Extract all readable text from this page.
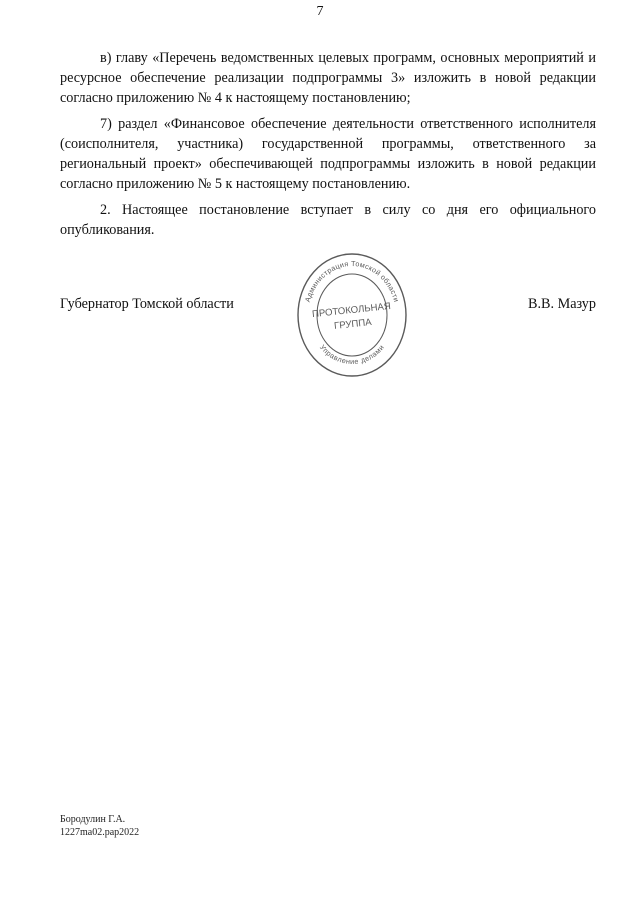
7

в) главу «Перечень ведомственных целевых программ, основных мероприятий и ресурсное обеспечение реализации подпрограммы 3» изложить в новой редакции согласно приложению № 4 к настоящему постановлению;

7) раздел «Финансовое обеспечение деятельности ответственного исполнителя (соисполнителя, участника) государственной программы, ответственного за региональный проект» обеспечивающей подпрограммы изложить в новой редакции согласно приложению № 5 к настоящему постановлению.

2. Настоящее постановление вступает в силу со дня его официального опубликования.

Губернатор Томской области	В.В. Мазур
Администрация Томской области
Управление делами
ПРОТОКОЛЬНАЯ
ГРУППА
Бородулин Г.А.
1227ma02.pap2022
